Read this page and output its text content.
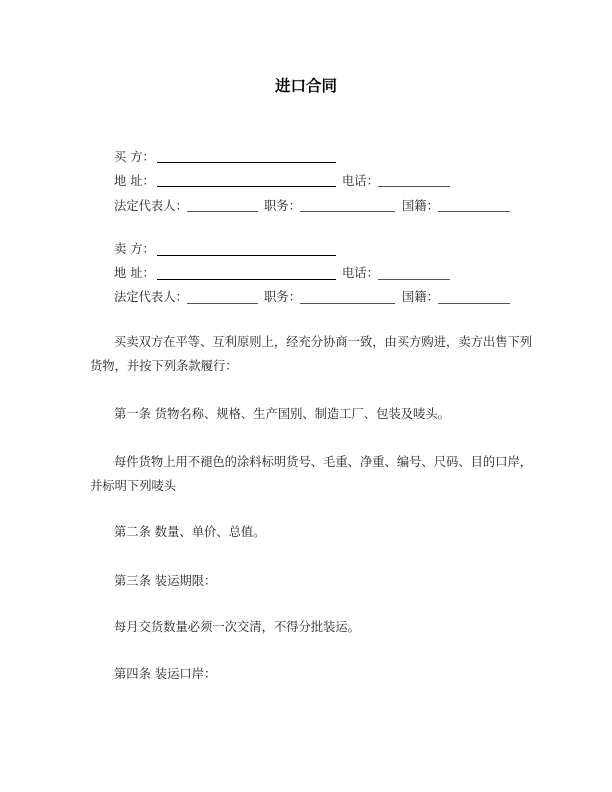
进口合同
买 方：
地 址：	电话：
法定代表人：	职务：	国籍：
卖 方：
地 址：	电话：
法定代表人：	职务：	国籍：
买卖双方在平等、互利原则上，经充分协商一致，由买方购进，卖方出售下列
货物，并按下列条款履行：
第一条 货物名称、规格、生产国别、制造工厂、包装及唛头。
每件货物上用不褪色的涂料标明货号、毛重、净重、编号、尺码、目的口岸，
并标明下列唛头
第二条 数量、单价、总值。
第三条 装运期限：
每月交货数量必须一次交清，不得分批装运。
第四条 装运口岸：
